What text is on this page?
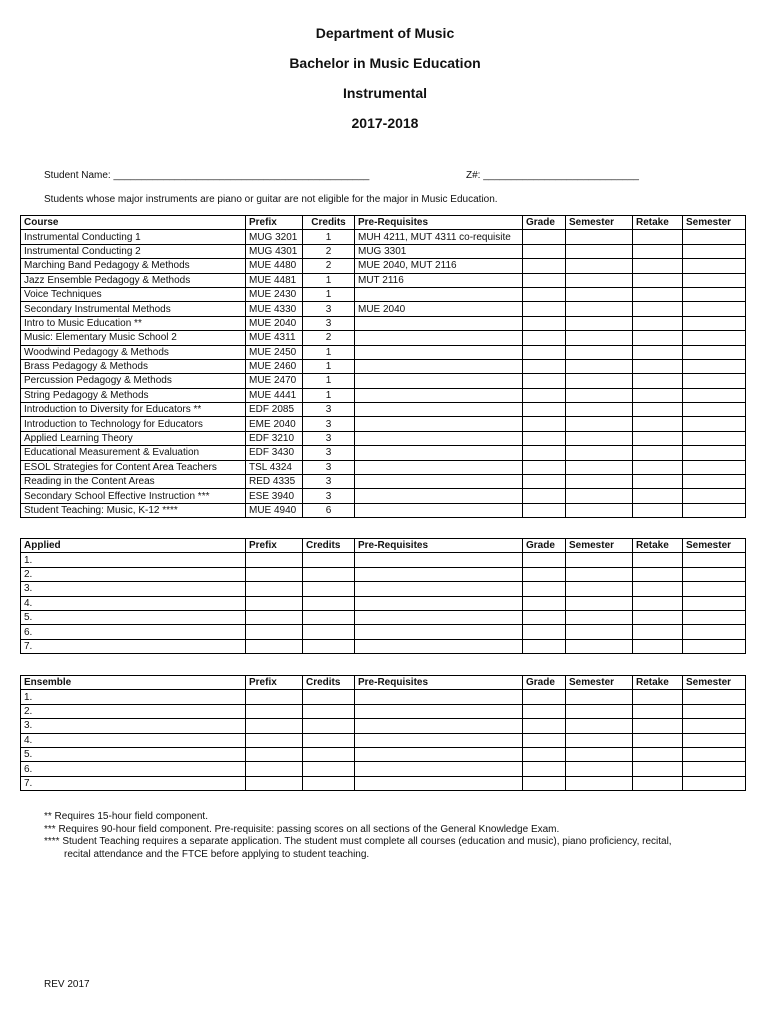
Department of Music
Bachelor in Music Education
Instrumental
2017-2018
Student Name: ______________________________________________	Z#: ____________________________
Students whose major instruments are piano or guitar are not eligible for the major in Music Education.
Course	Prefix	Credits	Pre-Requisites	Grade	Semester	Retake	Semester
Instrumental Conducting 1	MUG 3201	1	MUH 4211, MUT 4311 co-requisite				
Instrumental Conducting 2	MUG 4301	2	MUG 3301				
Marching Band Pedagogy & Methods	MUE 4480	2	MUE 2040, MUT 2116				
Jazz Ensemble Pedagogy & Methods	MUE 4481	1	MUT 2116				
Voice Techniques	MUE 2430	1					
Secondary Instrumental Methods	MUE 4330	3	MUE 2040				
Intro to Music Education **	MUE 2040	3					
Music: Elementary Music School 2	MUE 4311	2					
Woodwind Pedagogy & Methods	MUE 2450	1					
Brass Pedagogy & Methods	MUE 2460	1					
Percussion Pedagogy & Methods	MUE 2470	1					
String Pedagogy & Methods	MUE 4441	1					
Introduction to Diversity for Educators **	EDF 2085	3					
Introduction to Technology for Educators	EME 2040	3					
Applied Learning Theory	EDF 3210	3					
Educational Measurement & Evaluation	EDF 3430	3					
ESOL Strategies for Content Area Teachers	TSL 4324	3					
Reading in the Content Areas	RED 4335	3					
Secondary School Effective Instruction ***	ESE 3940	3					
Student Teaching: Music, K-12 ****	MUE 4940	6					
Applied	Prefix	Credits	Pre-Requisites	Grade	Semester	Retake	Semester
1.							
2.							
3.							
4.							
5.							
6.							
7.							
Ensemble	Prefix	Credits	Pre-Requisites	Grade	Semester	Retake	Semester
1.							
2.							
3.							
4.							
5.							
6.							
7.							
** Requires 15-hour field component.
*** Requires 90-hour field component. Pre-requisite: passing scores on all sections of the General Knowledge Exam.
**** Student Teaching requires a separate application. The student must complete all courses (education and music), piano proficiency, recital,
recital attendance and the FTCE before applying to student teaching.
REV 2017
